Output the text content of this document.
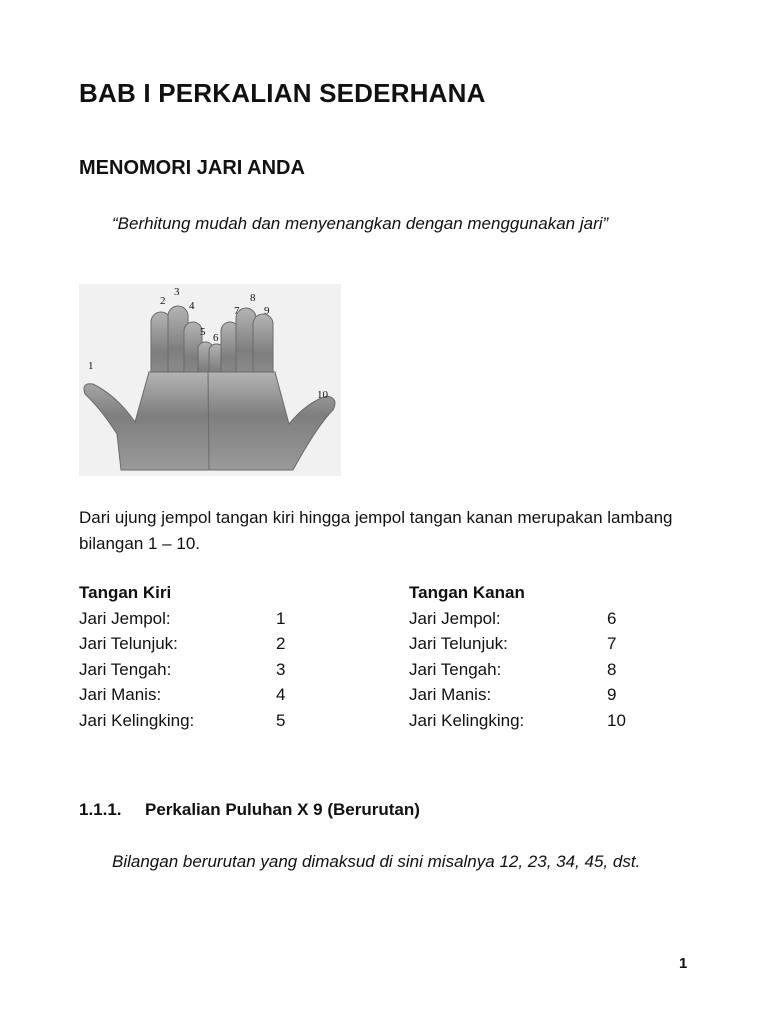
BAB I PERKALIAN SEDERHANA
MENOMORI JARI ANDA

“Berhitung mudah dan menyenangkan dengan menggunakan jari”

1
2
3
4
5 6
7
8
9
10

Dari ujung jempol tangan kiri hingga jempol tangan kanan merupakan lambang bilangan 1 – 10.

Tangan Kiri
Jari Jempol:	1
Jari Telunjuk:	2
Jari Tengah:	3
Jari Manis:	4
Jari Kelingking:	5
Tangan Kanan
Jari Jempol:	6
Jari Telunjuk:	7
Jari Tengah:	8
Jari Manis:	9
Jari Kelingking:	10
1.1.1. Perkalian Puluhan X 9 (Berurutan)

Bilangan berurutan yang dimaksud di sini misalnya 12, 23, 34, 45, dst.

1
